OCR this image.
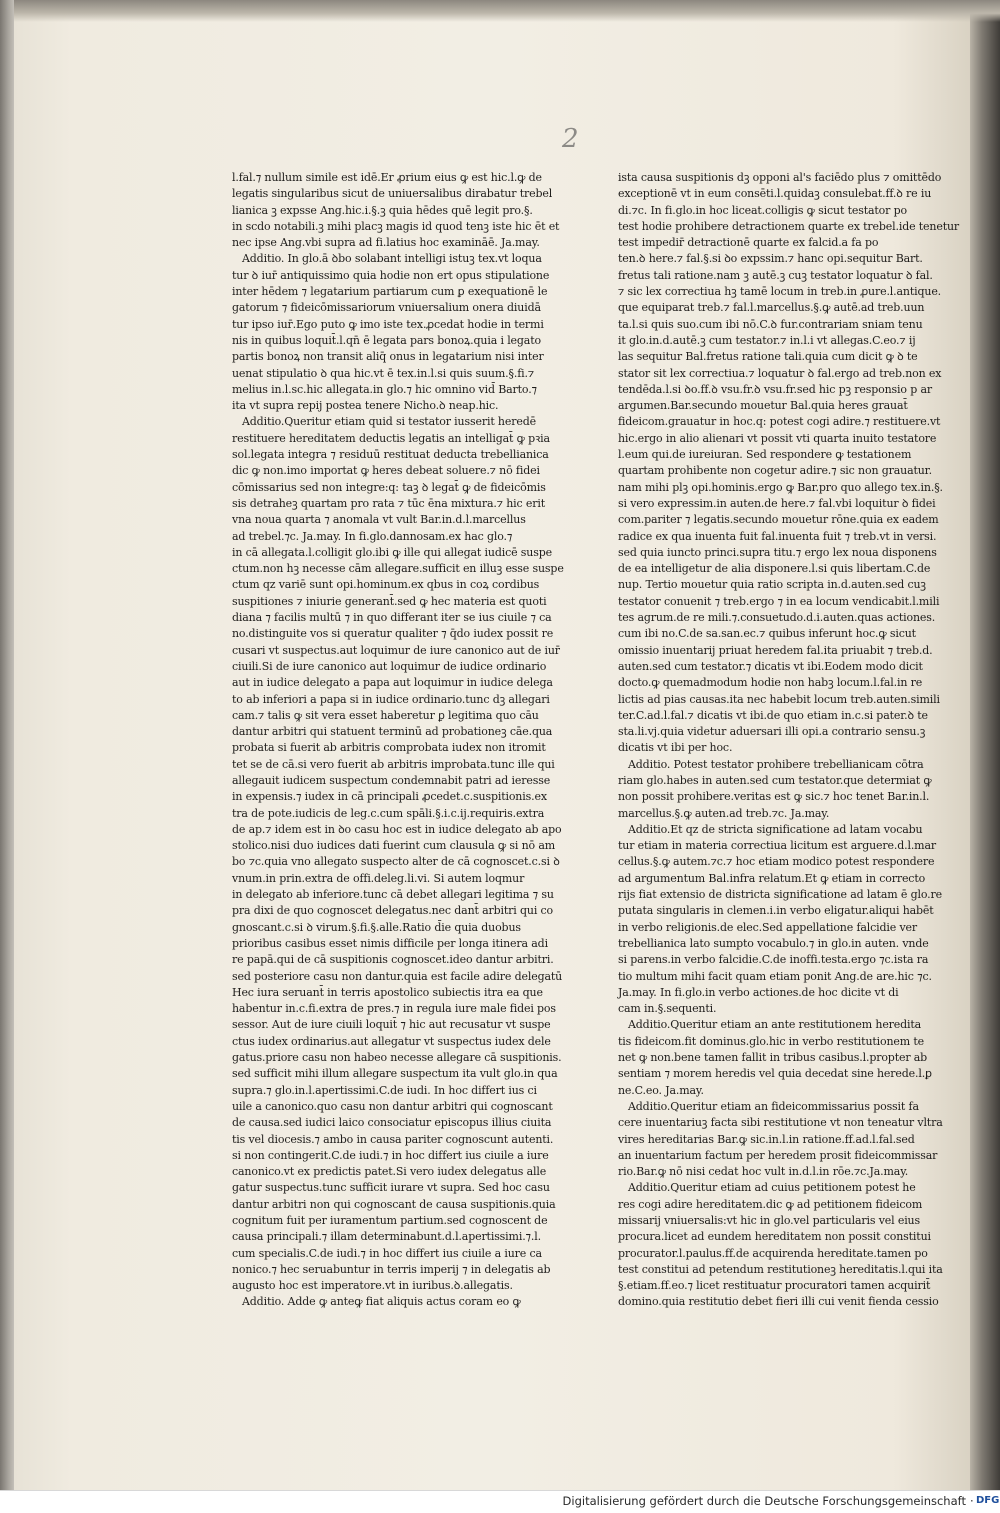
2
l.fal.⁊ nullum simile est idē.Er ꝓrium eius ꝙ est hic.l.ꝙ de
legatis singularibus sicut de uniuersalibus dirabatur trebel
lianica ꝫ expsse Ang.hic.i.§.ꝫ quia hēdes quē legit pro.§.
in scdo notabili.ꝫ mihi placꝫ magis id quod tenꝫ iste hic ēt et
nec ipse Ang.vbi supra ad fi.latius hoc examināē. Ja.may.
Additio. In glo.ā ꝺbo solabant intelligi istuꝫ tex.vt loqua
tur ꝺ iur̄ antiquissimo quia hodie non ert opus stipulatione
inter hēdem ⁊ legatarium partiarum cum ꝑ exequationē le
gatorum ⁊ fideicōmissariorum vniuersalium onera diuidā
tur ipso iur̄.Ego puto ꝙ imo iste tex.ꝓcedat hodie in termi
nis in quibus loquit̄.l.qn̄ ē legata pars bonoꝝ.quia i legato
partis bonoꝝ non transit aliq̄ onus in legatarium nisi inter
uenat stipulatio ꝺ qua hic.vt ē tex.in.l.si quis suum.§.fi.⁊
melius in.l.sc.hic allegata.in glo.⁊ hic omnino vid̄ Barto.⁊
ita vt supra repij postea tenere Nicho.ꝺ neap.hic.
Additio.Queritur etiam quid si testator iusserit heredē
restituere hereditatem deductis legatis an intelligat̄ ꝙ pꝛia
sol.legata integra ⁊ residuū restituat deducta trebellianica
dic ꝙ non.imo importat ꝙ heres debeat soluere.⁊ nō fidei
cōmissarius sed non integre:q: taꝫ ꝺ legat̄ ꝙ de fideicōmis
sis detraheꝫ quartam pro rata ⁊ tūc ēna mixtura.⁊ hic erit
vna noua quarta ⁊ anomala vt vult Bar.in.d.l.marcellus
ad trebel.⁊c. Ja.may. In fi.glo.dannosam.ex hac glo.⁊
in cā allegata.l.colligit glo.ibi ꝙ ille qui allegat iudicē suspe
ctum.non hꝫ necesse cām allegare.sufficit en illuꝫ esse suspe
ctum qz variē sunt opi.hominum.ex qbus in coꝝ cordibus
suspitiones ⁊ iniurie generant̄.sed ꝙ hec materia est quoti
diana ⁊ facilis multū ⁊ in quo differant iter se ius ciuile ⁊ ca
no.distinguite vos si queratur qualiter ⁊ q̄do iudex possit re
cusari vt suspectus.aut loquimur de iure canonico aut de iur̄
ciuili.Si de iure canonico aut loquimur de iudice ordinario
aut in iudice delegato a papa aut loquimur in iudice delega
to ab inferiori a papa si in iudice ordinario.tunc dꝫ allegari
cam.⁊ talis ꝙ sit vera esset haberetur ꝑ legitima quo cāu
dantur arbitri qui statuent terminū ad probationeꝫ cāe.qua
probata si fuerit ab arbitris comprobata iudex non itromit
tet se de cā.si vero fuerit ab arbitris improbata.tunc ille qui
allegauit iudicem suspectum condemnabit patri ad ieresse
in expensis.⁊ iudex in cā principali ꝓcedet.c.suspitionis.ex
tra de pote.iudicis de leg.c.cum spāli.§.i.c.ij.requiris.extra
de ap.⁊ idem est in ꝺo casu hoc est in iudice delegato ab apo
stolico.nisi duo iudices dati fuerint cum clausula ꝙ si nō am
bo ⁊c.quia vno allegato suspecto alter de cā cognoscet.c.si ꝺ
vnum.in prin.extra de offi.deleg.li.vi. Si autem loqmur
in delegato ab inferiore.tunc cā debet allegari legitima ⁊ su
pra dixi de quo cognoscet delegatus.nec dant̄ arbitri qui co
gnoscant.c.si ꝺ virum.§.fi.§.alle.Ratio d̄ie quia duobus
prioribus casibus esset nimis difficile per longa itinera adi
re papā.qui de cā suspitionis cognoscet.ideo dantur arbitri.
sed posteriore casu non dantur.quia est facile adire delegatū
Hec iura seruant̄ in terris apostolico subiectis itra ea que
habentur in.c.fi.extra de pres.⁊ in regula iure male fidei pos
sessor. Aut de iure ciuili loquit̄ ⁊ hic aut recusatur vt suspe
ctus iudex ordinarius.aut allegatur vt suspectus iudex dele
gatus.priore casu non habeo necesse allegare cā suspitionis.
sed sufficit mihi illum allegare suspectum ita vult glo.in qua
supra.⁊ glo.in.l.apertissimi.C.de iudi. In hoc differt ius ci
uile a canonico.quo casu non dantur arbitri qui cognoscant
de causa.sed iudici laico consociatur episcopus illius ciuita
tis vel diocesis.⁊ ambo in causa pariter cognoscunt autenti.
si non contingerit.C.de iudi.⁊ in hoc differt ius ciuile a iure
canonico.vt ex predictis patet.Si vero iudex delegatus alle
gatur suspectus.tunc sufficit iurare vt supra. Sed hoc casu
dantur arbitri non qui cognoscant de causa suspitionis.quia
cognitum fuit per iuramentum partium.sed cognoscent de
causa principali.⁊ illam determinabunt.d.l.apertissimi.⁊.l.
cum specialis.C.de iudi.⁊ in hoc differt ius ciuile a iure ca
nonico.⁊ hec seruabuntur in terris imperij ⁊ in delegatis ab
augusto hoc est imperatore.vt in iuribus.ꝺ.allegatis.
Additio. Adde ꝙ anteꝙ fiat aliquis actus coram eo ꝙ
ista causa suspitionis dꝫ opponi al's faciēdo plus ⁊ omittēdo
exceptionē vt in eum consēti.l.quidaꝫ consulebat.ff.ꝺ re iu
di.⁊c. In fi.glo.in hoc liceat.colligis ꝙ sicut testator po
test hodie prohibere detractionem quarte ex trebel.ide tenetur
test impedir̄ detractionē quarte ex falcid.a fa po
ten.ꝺ here.⁊ fal.§.si ꝺo expssim.⁊ hanc opi.sequitur Bart.
fretus tali ratione.nam ꝫ autē.ꝫ cuꝫ testator loquatur ꝺ fal.
⁊ sic lex correctiua hꝫ tamē locum in treb.in ꝓure.l.antique.
que equiparat treb.⁊ fal.l.marcellus.§.ꝙ autē.ad treb.uun
ta.l.si quis suo.cum ibi nō.C.ꝺ fur.contrariam sniam tenu
it glo.in.d.autē.ꝫ cum testator.⁊ in.l.i vt allegas.C.eo.⁊ ij
las sequitur Bal.fretus ratione tali.quia cum dicit ꝙ ꝺ te
stator sit lex correctiua.⁊ loquatur ꝺ fal.ergo ad treb.non ex
tendēda.l.si ꝺo.ff.ꝺ vsu.fr.ꝺ vsu.fr.sed hic pꝫ responsio p ar
argumen.Bar.secundo mouetur Bal.quia heres grauat̄
fideicom.grauatur in hoc.q: potest cogi adire.⁊ restituere.vt
hic.ergo in alio alienari vt possit vti quarta inuito testatore
l.eum qui.de iureiuran. Sed respondere ꝙ testationem
quartam prohibente non cogetur adire.⁊ sic non grauatur.
nam mihi plꝫ opi.hominis.ergo ꝙ Bar.pro quo allego tex.in.§.
si vero expressim.in auten.de here.⁊ fal.vbi loquitur ꝺ fidei
com.pariter ⁊ legatis.secundo mouetur rōne.quia ex eadem
radice ex qua inuenta fuit fal.inuenta fuit ⁊ treb.vt in versi.
sed quia iuncto princi.supra titu.⁊ ergo lex noua disponens
de ea intelligetur de alia disponere.l.si quis libertam.C.de
nup. Tertio mouetur quia ratio scripta in.d.auten.sed cuꝫ
testator conuenit ⁊ treb.ergo ⁊ in ea locum vendicabit.l.mili
tes agrum.de re mili.⁊.consuetudo.d.i.auten.quas actiones.
cum ibi no.C.de sa.san.ec.⁊ quibus inferunt hoc.ꝙ sicut
omissio inuentarij priuat heredem fal.ita priuabit ⁊ treb.d.
auten.sed cum testator.⁊ dicatis vt ibi.Eodem modo dicit
docto.ꝙ quemadmodum hodie non habꝫ locum.l.fal.in re
lictis ad pias causas.ita nec habebit locum treb.auten.simili
ter.C.ad.l.fal.⁊ dicatis vt ibi.de quo etiam in.c.si pater.ꝺ te
sta.li.vj.quia videtur aduersari illi opi.a contrario sensu.ꝫ
dicatis vt ibi per hoc.
Additio. Potest testator prohibere trebellianicam cōtra
riam glo.habes in auten.sed cum testator.que determiat ꝙ
non possit prohibere.veritas est ꝙ sic.⁊ hoc tenet Bar.in.l.
marcellus.§.ꝙ auten.ad treb.⁊c. Ja.may.
Additio.Et qz de stricta significatione ad latam vocabu
tur etiam in materia correctiua licitum est arguere.d.l.mar
cellus.§.ꝙ autem.⁊c.⁊ hoc etiam modico potest respondere
ad argumentum Bal.infra relatum.Et ꝙ etiam in correcto
rijs fiat extensio de districta significatione ad latam ē glo.re
putata singularis in clemen.i.in verbo eligatur.aliqui habēt
in verbo religionis.de elec.Sed appellatione falcidie ver
trebellianica lato sumpto vocabulo.⁊ in glo.in auten. vnde
si parens.in verbo falcidie.C.de inoffi.testa.ergo ⁊c.ista ra
tio multum mihi facit quam etiam ponit Ang.de are.hic ⁊c.
Ja.may. In fi.glo.in verbo actiones.de hoc dicite vt di
cam in.§.sequenti.
Additio.Queritur etiam an ante restitutionem heredita
tis fideicom.fit dominus.glo.hic in verbo restitutionem te
net ꝙ non.bene tamen fallit in tribus casibus.l.propter ab
sentiam ⁊ morem heredis vel quia decedat sine herede.l.ꝑ
ne.C.eo. Ja.may.
Additio.Queritur etiam an fideicommissarius possit fa
cere inuentariuꝫ facta sibi restitutione vt non teneatur vltra
vires hereditarias Bar.ꝙ sic.in.l.in ratione.ff.ad.l.fal.sed
an inuentarium factum per heredem prosit fideicommissar
rio.Bar.ꝙ nō nisi cedat hoc vult in.d.l.in rōe.⁊c.Ja.may.
Additio.Queritur etiam ad cuius petitionem potest he
res cogi adire hereditatem.dic ꝙ ad petitionem fideicom
missarij vniuersalis:vt hic in glo.vel particularis vel eius
procura.licet ad eundem hereditatem non possit constitui
procurator.l.paulus.ff.de acquirenda hereditate.tamen po
test constitui ad petendum restitutioneꝫ hereditatis.l.qui ita
§.etiam.ff.eo.⁊ licet restituatur procuratori tamen acquirit̄
domino.quia restitutio debet fieri illi cui venit fienda cessio
Digitalisierung gefördert durch die Deutsche Forschungsgemeinschaft · DFG
